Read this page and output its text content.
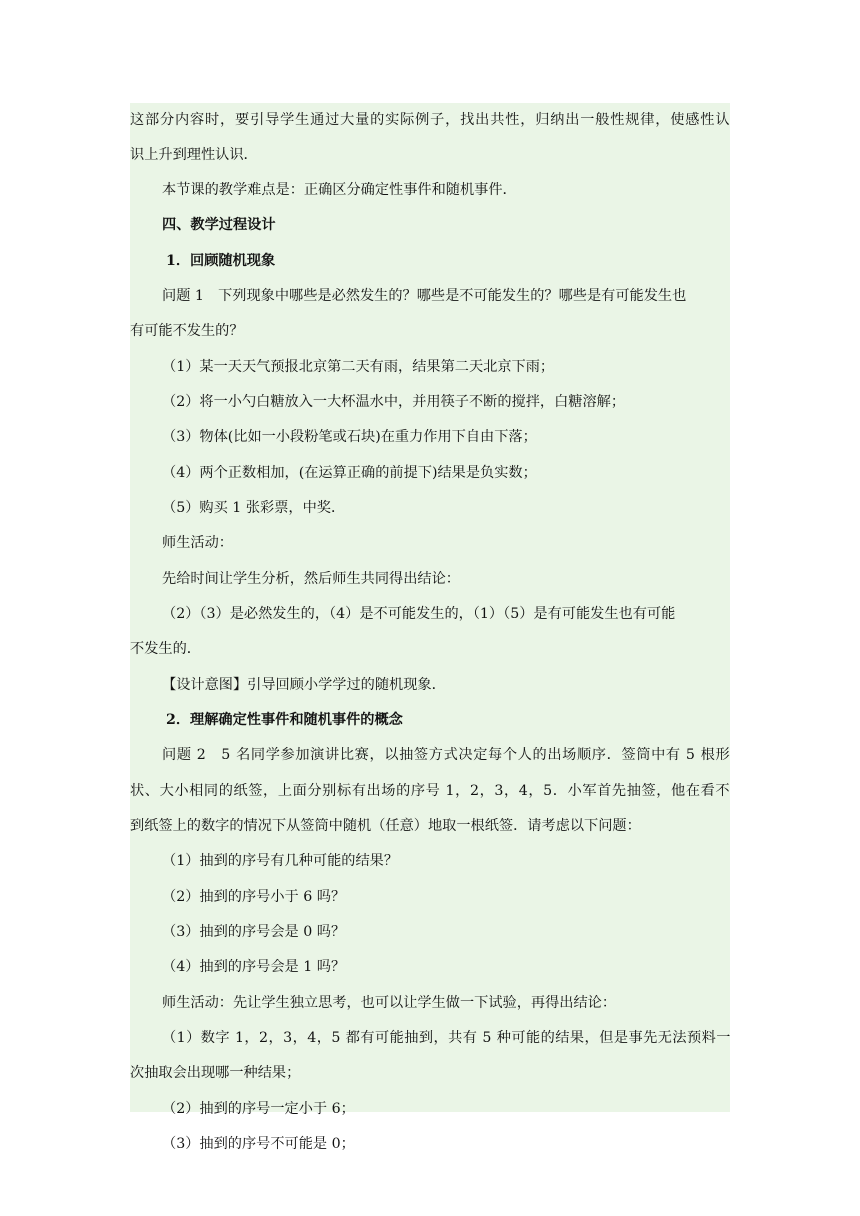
这部分内容时，要引导学生通过大量的实际例子，找出共性，归纳出一般性规律，使感性认
识上升到理性认识．
本节课的教学难点是：正确区分确定性事件和随机事件．
四、教学过程设计
1．回顾随机现象
问题 1　下列现象中哪些是必然发生的？哪些是不可能发生的？哪些是有可能发生也
有可能不发生的？
（1）某一天天气预报北京第二天有雨，结果第二天北京下雨；
（2）将一小勺白糖放入一大杯温水中，并用筷子不断的搅拌，白糖溶解；
（3）物体(比如一小段粉笔或石块)在重力作用下自由下落；
（4）两个正数相加，(在运算正确的前提下)结果是负实数；
（5）购买 1 张彩票，中奖．
师生活动：
先给时间让学生分析，然后师生共同得出结论：
（2）（3）是必然发生的，（4）是不可能发生的，（1）（5）是有可能发生也有可能
不发生的．
【设计意图】引导回顾小学学过的随机现象．
2．理解确定性事件和随机事件的概念
问题 2　5 名同学参加演讲比赛，以抽签方式决定每个人的出场顺序．签筒中有 5 根形
状、大小相同的纸签，上面分别标有出场的序号 1，2，3，4，5．小军首先抽签，他在看不
到纸签上的数字的情况下从签筒中随机（任意）地取一根纸签．请考虑以下问题：
（1）抽到的序号有几种可能的结果？
（2）抽到的序号小于 6 吗？
（3）抽到的序号会是 0 吗？
（4）抽到的序号会是 1 吗？
师生活动：先让学生独立思考，也可以让学生做一下试验，再得出结论：
（1）数字 1，2，3，4，5 都有可能抽到，共有 5 种可能的结果，但是事先无法预料一
次抽取会出现哪一种结果；
（2）抽到的序号一定小于 6；
（3）抽到的序号不可能是 0；
